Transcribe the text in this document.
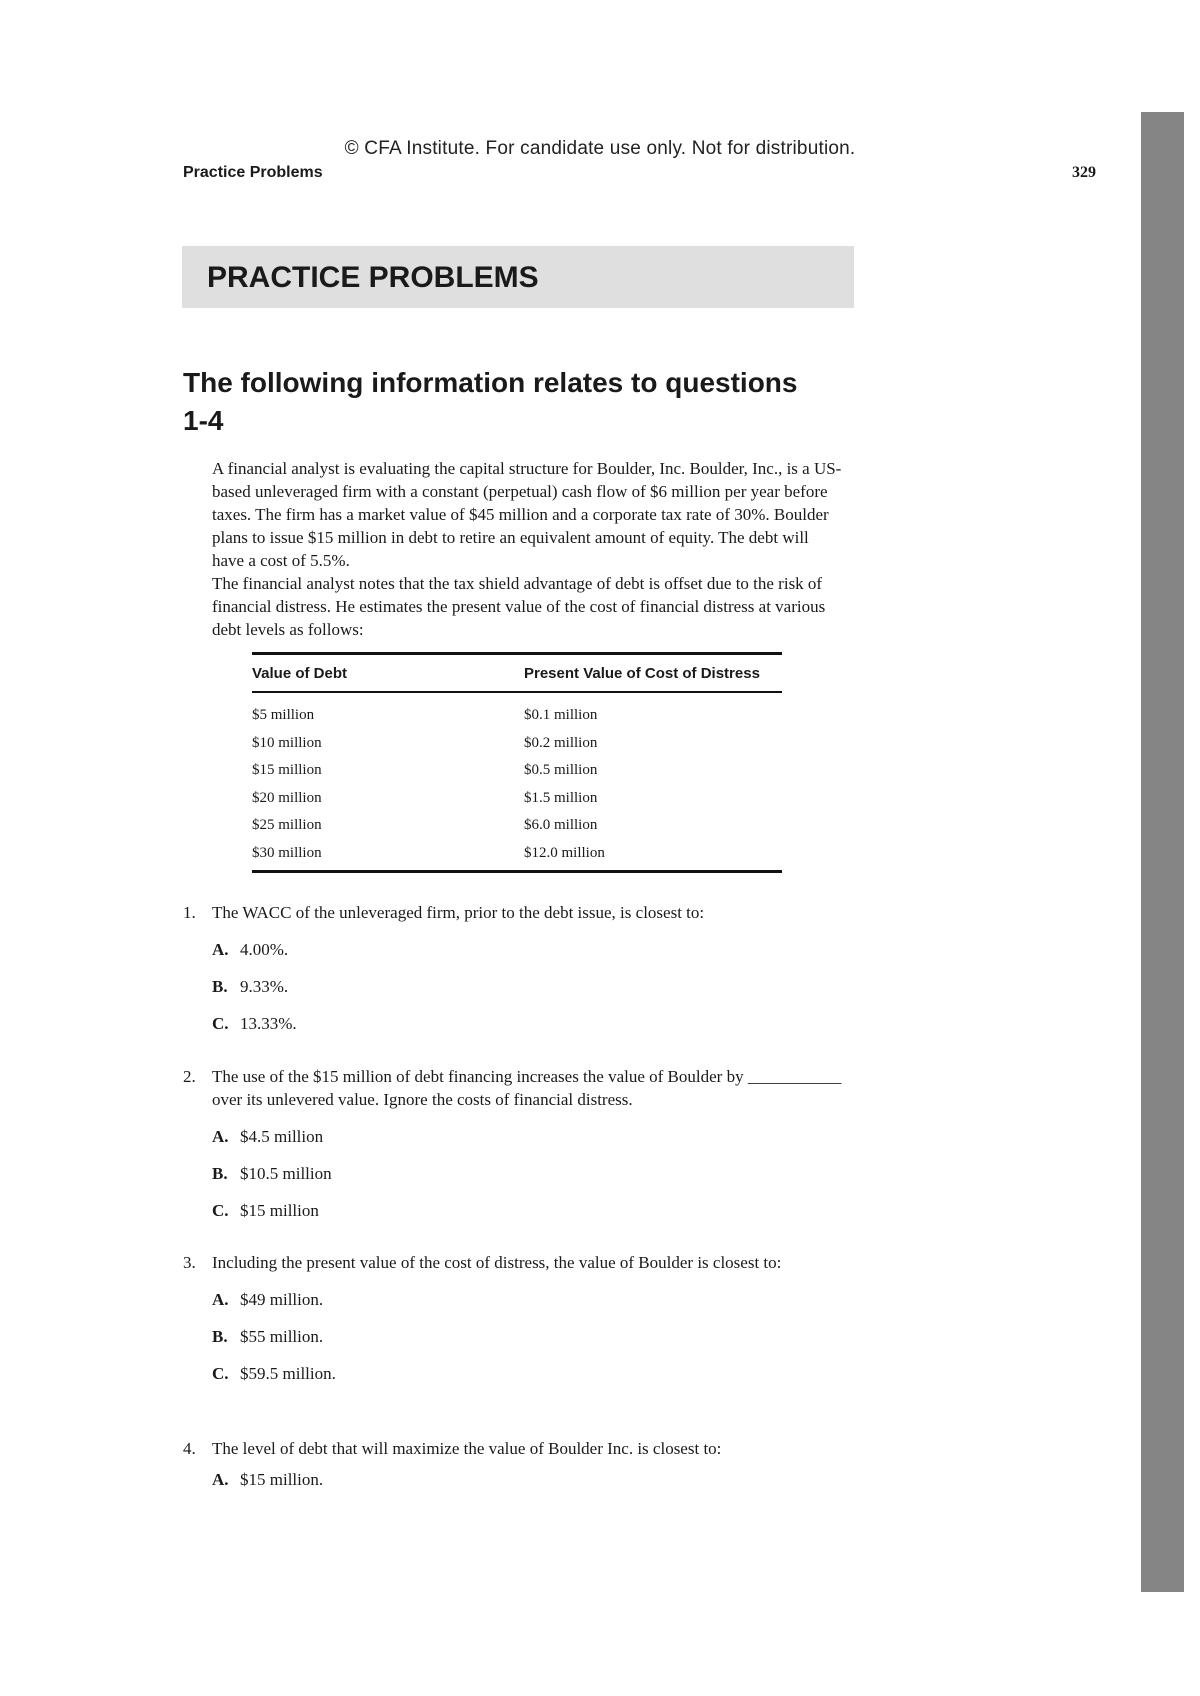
© CFA Institute. For candidate use only. Not for distribution.
Practice Problems	329
PRACTICE PROBLEMS
The following information relates to questions 1-4

A financial analyst is evaluating the capital structure for Boulder, Inc. Boulder, Inc., is a US-based unleveraged firm with a constant (perpetual) cash flow of $6 million per year before taxes. The firm has a market value of $45 million and a corporate tax rate of 30%. Boulder plans to issue $15 million in debt to retire an equivalent amount of equity. The debt will have a cost of 5.5%.

The financial analyst notes that the tax shield advantage of debt is offset due to the risk of financial distress. He estimates the present value of the cost of financial distress at various debt levels as follows:

Value of Debt	Present Value of Cost of Distress
$5 million	$0.1 million
$10 million	$0.2 million
$15 million	$0.5 million
$20 million	$1.5 million
$25 million	$6.0 million
$30 million	$12.0 million
1. The WACC of the unleveraged firm, prior to the debt issue, is closest to:
A. 4.00%.
B. 9.33%.
C. 13.33%.
2. The use of the $15 million of debt financing increases the value of Boulder by ___________ over its unlevered value. Ignore the costs of financial distress.
A. $4.5 million
B. $10.5 million
C. $15 million
3. Including the present value of the cost of distress, the value of Boulder is closest to:
A. $49 million.
B. $55 million.
C. $59.5 million.
4. The level of debt that will maximize the value of Boulder Inc. is closest to:
A. $15 million.
